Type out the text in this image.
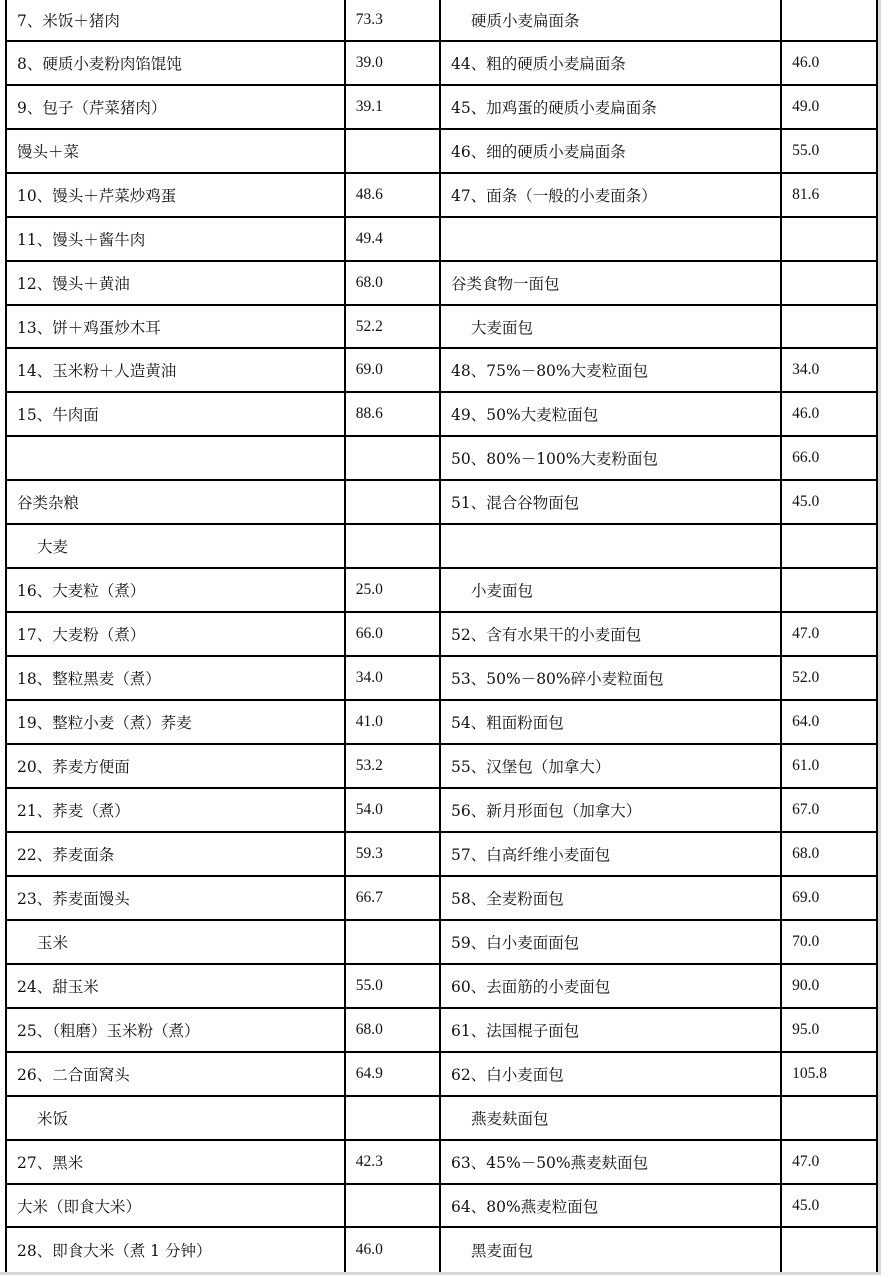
7、米饭＋猪肉	73.3	硬质小麦扁面条	
8、硬质小麦粉肉馅馄饨	39.0	44、粗的硬质小麦扁面条	46.0
9、包子（芹菜猪肉）	39.1	45、加鸡蛋的硬质小麦扁面条	49.0
馒头＋菜		46、细的硬质小麦扁面条	55.0
10、馒头＋芹菜炒鸡蛋	48.6	47、面条（一般的小麦面条）	81.6
11、馒头＋酱牛肉	49.4		
12、馒头＋黄油	68.0	谷类食物一面包	
13、饼＋鸡蛋炒木耳	52.2	大麦面包	
14、玉米粉＋人造黄油	69.0	48、75%－80%大麦粒面包	34.0
15、牛肉面	88.6	49、50%大麦粒面包	46.0
		50、80%－100%大麦粉面包	66.0
谷类杂粮		51、混合谷物面包	45.0
大麦			
16、大麦粒（煮）	25.0	小麦面包	
17、大麦粉（煮）	66.0	52、含有水果干的小麦面包	47.0
18、整粒黑麦（煮）	34.0	53、50%－80%碎小麦粒面包	52.0
19、整粒小麦（煮）荞麦	41.0	54、粗面粉面包	64.0
20、荞麦方便面	53.2	55、汉堡包（加拿大）	61.0
21、荞麦（煮）	54.0	56、新月形面包（加拿大）	67.0
22、荞麦面条	59.3	57、白高纤维小麦面包	68.0
23、荞麦面馒头	66.7	58、全麦粉面包	69.0
玉米		59、白小麦面面包	70.0
24、甜玉米	55.0	60、去面筋的小麦面包	90.0
25、（粗磨）玉米粉（煮）	68.0	61、法国棍子面包	95.0
26、二合面窝头	64.9	62、白小麦面包	105.8
米饭		燕麦麸面包	
27、黑米	42.3	63、45%－50%燕麦麸面包	47.0
大米（即食大米）		64、80%燕麦粒面包	45.0
28、即食大米（煮 1 分钟）	46.0	黑麦面包	
